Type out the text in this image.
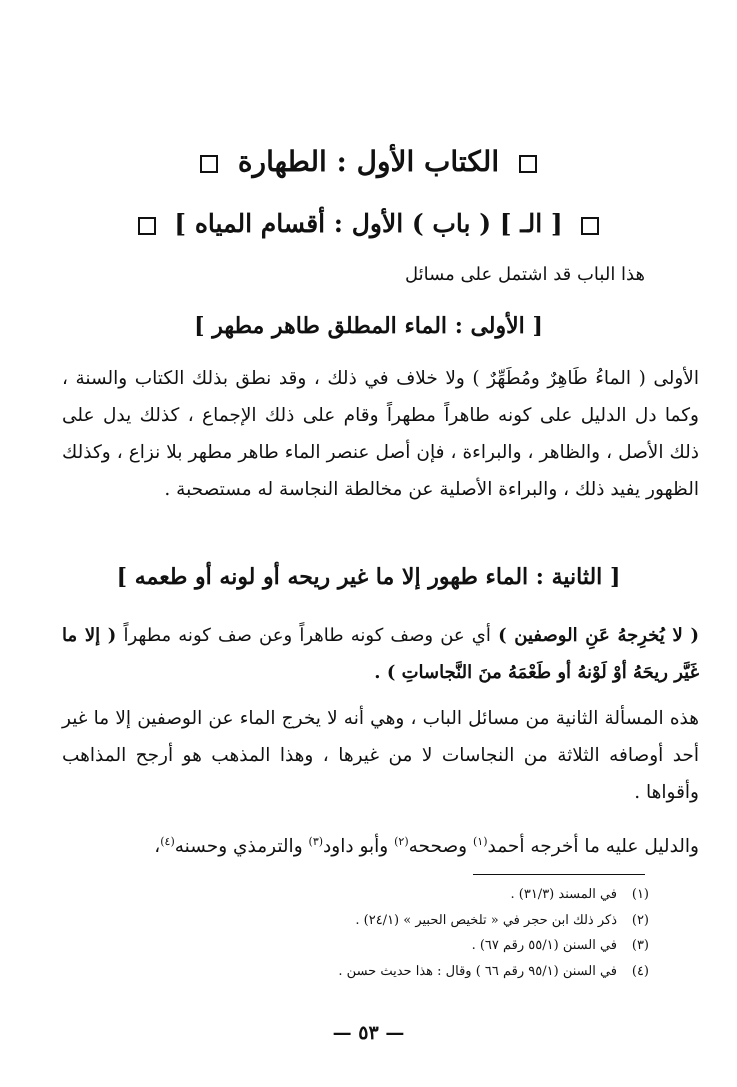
الكتاب الأول : الطهارة
[ الـ ] ( باب ) الأول : أقسام المياه ]
هذا الباب قد اشتمل على مسائل
[ الأولى : الماء المطلق طاهر مطهر ]
الأولى ( الماءُ طَاهِرٌ ومُطَهِّرٌ ) ولا خلاف في ذلك ، وقد نطق بذلك الكتاب والسنة ، وكما دل الدليل على كونه طاهراً مطهراً وقام على ذلك الإجماع ، كذلك يدل على ذلك الأصل ، والظاهر ، والبراءة ، فإن أصل عنصر الماء طاهر مطهر بلا نزاع ، وكذلك الظهور يفيد ذلك ، والبراءة الأصلية عن مخالطة النجاسة له مستصحبة .
[ الثانية : الماء طهور إلا ما غير ريحه أو لونه أو طعمه ]
( لا يُخرِجهُ عَنِ الوصفين ) أي عن وصف كونه طاهراً وعن صف كونه مطهراً ( إلا ما غَيَّر ريحَهُ أوْ لَوْنهُ أو طَعْمَهُ منَ النَّجاساتِ ) .
هذه المسألة الثانية من مسائل الباب ، وهي أنه لا يخرج الماء عن الوصفين إلا ما غير أحد أوصافه الثلاثة من النجاسات لا من غيرها ، وهذا المذهب هو أرجح المذاهب وأقواها .
والدليل عليه ما أخرجه أحمد$^{(١)}$ وصححه$^{(٢)}$ وأبو داود$^{(٣)}$ والترمذي وحسنه$^{(٤)}$،
(١)في المسند (٣١/٣) .
(٢)ذكر ذلك ابن حجر في « تلخيص الحبير » (٢٤/١) .
(٣)في السنن (٥٥/١ رقم ٦٧) .
(٤)في السنن (٩٥/١ رقم ٦٦ ) وقال : هذا حديث حسن .
— ٥٣ —
